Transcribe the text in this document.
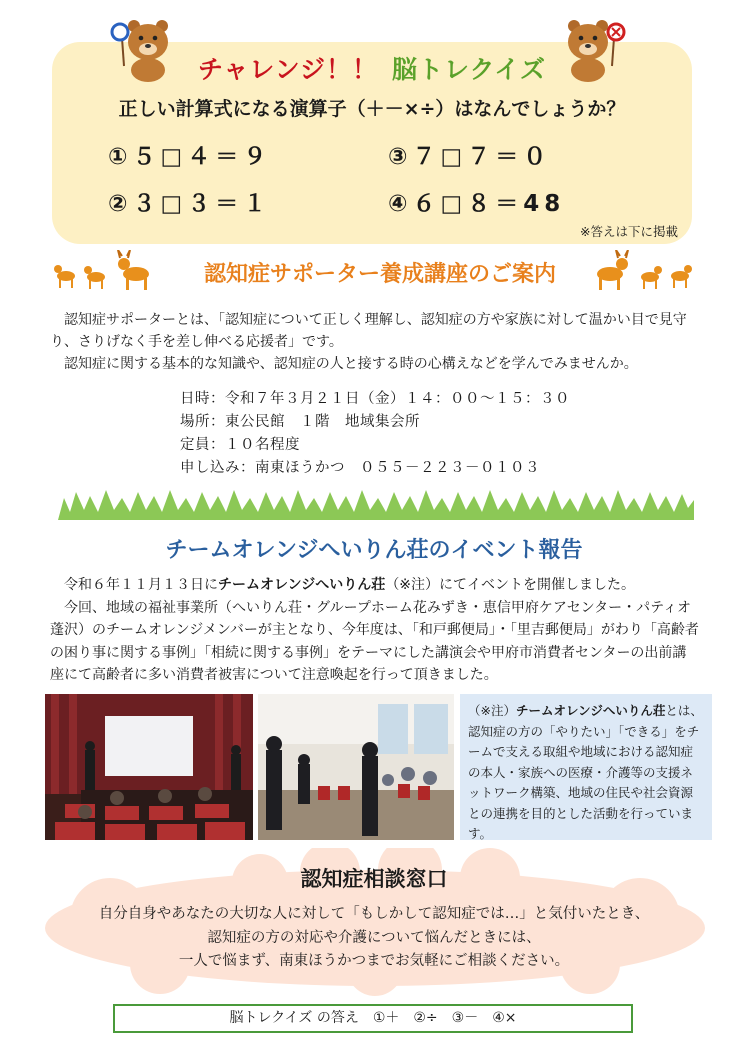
チャレンジ！！ 脳トレクイズ
正しい計算式になる演算子（＋－×÷）はなんでしょうか？
①５□４＝９	③７□７＝０
②３□３＝１	④６□８＝48
※答えは下に掲載
認知症サポーター養成講座のご案内

認知症サポーターとは、「認知症について正しく理解し、認知症の方や家族に対して温かい目で見守り、さりげなく手を差し伸べる応援者」です。

認知症に関する基本的な知識や、認知症の人と接する時の心構えなどを学んでみませんか。

日時：令和７年３月２１日（金）１４：００～１５：３０
場所：東公民館　１階　地域集会所
定員：１０名程度
申し込み：南東ほうかつ　０５５－２２３－０１０３
チームオレンジへいりん荘のイベント報告

令和６年１１月１３日にチームオレンジへいりん荘（※注）にてイベントを開催しました。

今回、地域の福祉事業所（へいりん荘・グループホーム花みずき・恵信甲府ケアセンター・パティオ蓬沢）のチームオレンジメンバーが主となり、今年度は、「和戸郵便局」・「里吉郵便局」がわり「高齢者の困り事に関する事例」「相続に関する事例」をテーマにした講演会や甲府市消費者センターの出前講座にて高齢者に多い消費者被害について注意喚起を行って頂きました。

（※注）チームオレンジへいりん荘とは、認知症の方の「やりたい」「できる」をチームで支える取組や地域における認知症の本人・家族への医療・介護等の支援ネットワーク構築、地域の住民や社会資源との連携を目的とした活動を行っています。
認知症相談窓口
自分自身やあなたの大切な人に対して「もしかして認知症では…」と気付いたとき、
認知症の方の対応や介護について悩んだときには、
一人で悩まず、南東ほうかつまでお気軽にご相談ください。
脳トレクイズ の答え　①＋　②÷　③－　④×
